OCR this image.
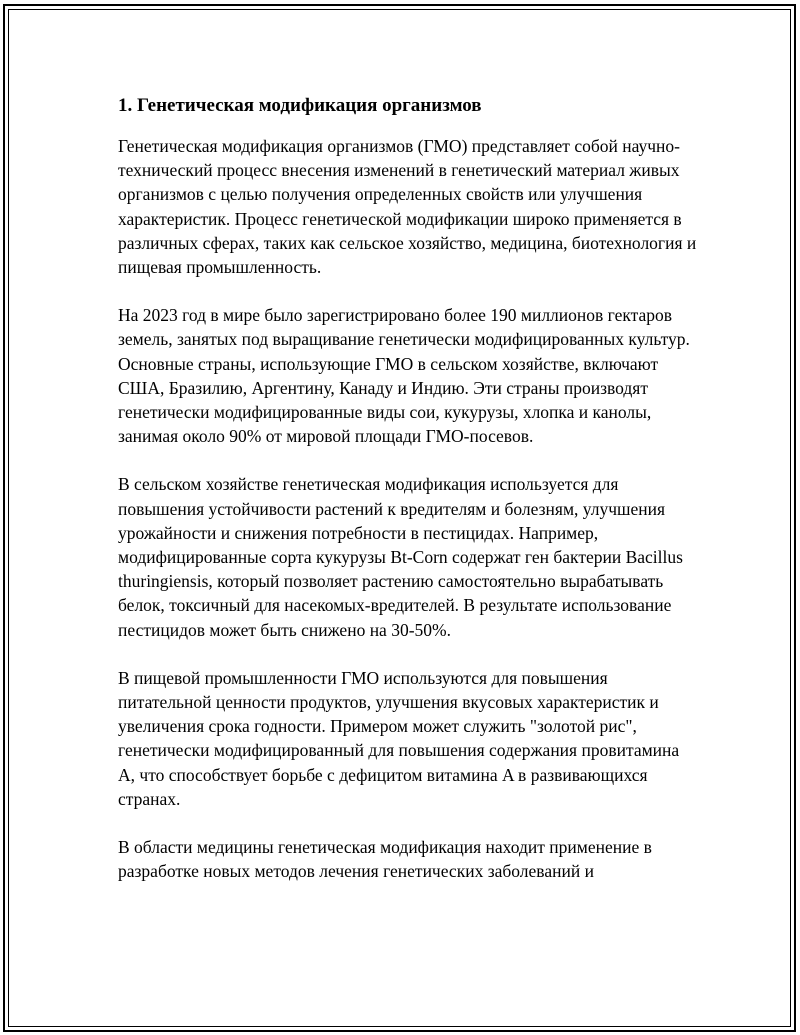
1. Генетическая модификация организмов

Генетическая модификация организмов (ГМО) представляет собой научно-технический процесс внесения изменений в генетический материал живых организмов с целью получения определенных свойств или улучшения характеристик. Процесс генетической модификации широко применяется в различных сферах, таких как сельское хозяйство, медицина, биотехнология и пищевая промышленность.

На 2023 год в мире было зарегистрировано более 190 миллионов гектаров земель, занятых под выращивание генетически модифицированных культур. Основные страны, использующие ГМО в сельском хозяйстве, включают США, Бразилию, Аргентину, Канаду и Индию. Эти страны производят генетически модифицированные виды сои, кукурузы, хлопка и канолы, занимая около 90% от мировой площади ГМО-посевов.

В сельском хозяйстве генетическая модификация используется для повышения устойчивости растений к вредителям и болезням, улучшения урожайности и снижения потребности в пестицидах. Например, модифицированные сорта кукурузы Bt-Corn содержат ген бактерии Bacillus thuringiensis, который позволяет растению самостоятельно вырабатывать белок, токсичный для насекомых-вредителей. В результате использование пестицидов может быть снижено на 30-50%.

В пищевой промышленности ГМО используются для повышения питательной ценности продуктов, улучшения вкусовых характеристик и увеличения срока годности. Примером может служить "золотой рис", генетически модифицированный для повышения содержания провитамина A, что способствует борьбе с дефицитом витамина A в развивающихся странах.

В области медицины генетическая модификация находит применение в разработке новых методов лечения генетических заболеваний и
